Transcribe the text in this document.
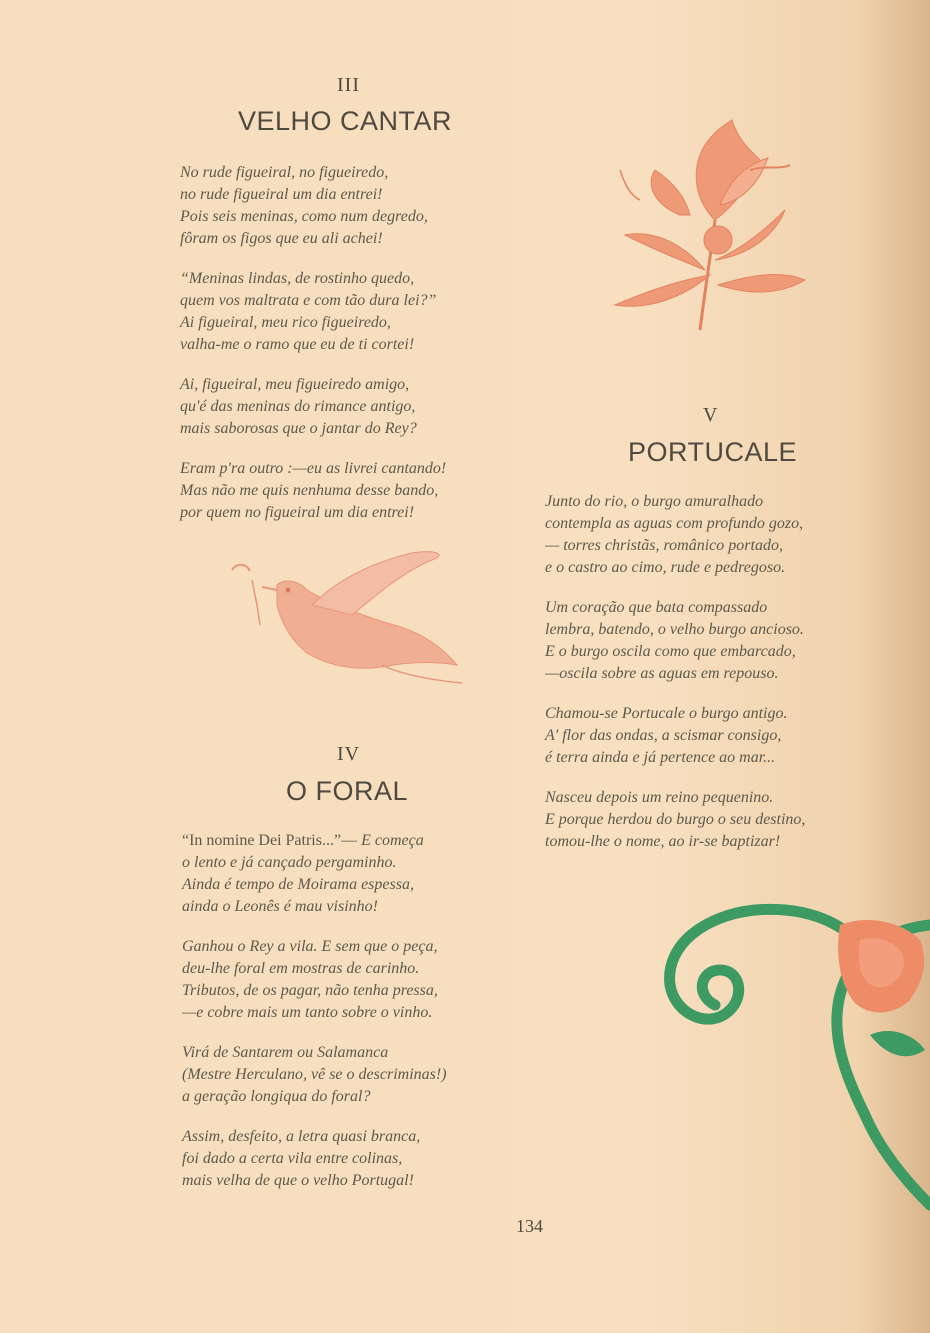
III
VELHO CANTAR
No rude figueiral, no figueiredo,
no rude figueiral um dia entrei!
Pois seis meninas, como num degredo,
fôram os figos que eu ali achei!
“Meninas lindas, de rostinho quedo,
quem vos maltrata e com tão dura lei?”
Ai figueiral, meu rico figueiredo,
valha-me o ramo que eu de ti cortei!
Ai, figueiral, meu figueiredo amigo,
qu'é das meninas do rimance antigo,
mais saborosas que o jantar do Rey?
Eram p'ra outro :—eu as livrei cantando!
Mas não me quis nenhuma desse bando,
por quem no figueiral um dia entrei!
IV
O FORAL
“In nomine Dei Patris...”— E começa
o lento e já cançado pergaminho.
Ainda é tempo de Moirama espessa,
ainda o Leonês é mau visinho!
Ganhou o Rey a vila. E sem que o peça,
deu-lhe foral em mostras de carinho.
Tributos, de os pagar, não tenha pressa,
—e cobre mais um tanto sobre o vinho.
Virá de Santarem ou Salamanca
(Mestre Herculano, vê se o descriminas!)
a geração longiqua do foral?
Assim, desfeito, a letra quasi branca,
foi dado a certa vila entre colinas,
mais velha de que o velho Portugal!
V
PORTUCALE
Junto do rio, o burgo amuralhado
contempla as aguas com profundo gozo,
— torres christãs, românico portado,
e o castro ao cimo, rude e pedregoso.
Um coração que bata compassado
lembra, batendo, o velho burgo ancioso.
E o burgo oscila como que embarcado,
—oscila sobre as aguas em repouso.
Chamou-se Portucale o burgo antigo.
A' flor das ondas, a scismar consigo,
é terra ainda e já pertence ao mar...
Nasceu depois um reino pequenino.
E porque herdou do burgo o seu destino,
tomou-lhe o nome, ao ir-se baptizar!
134
